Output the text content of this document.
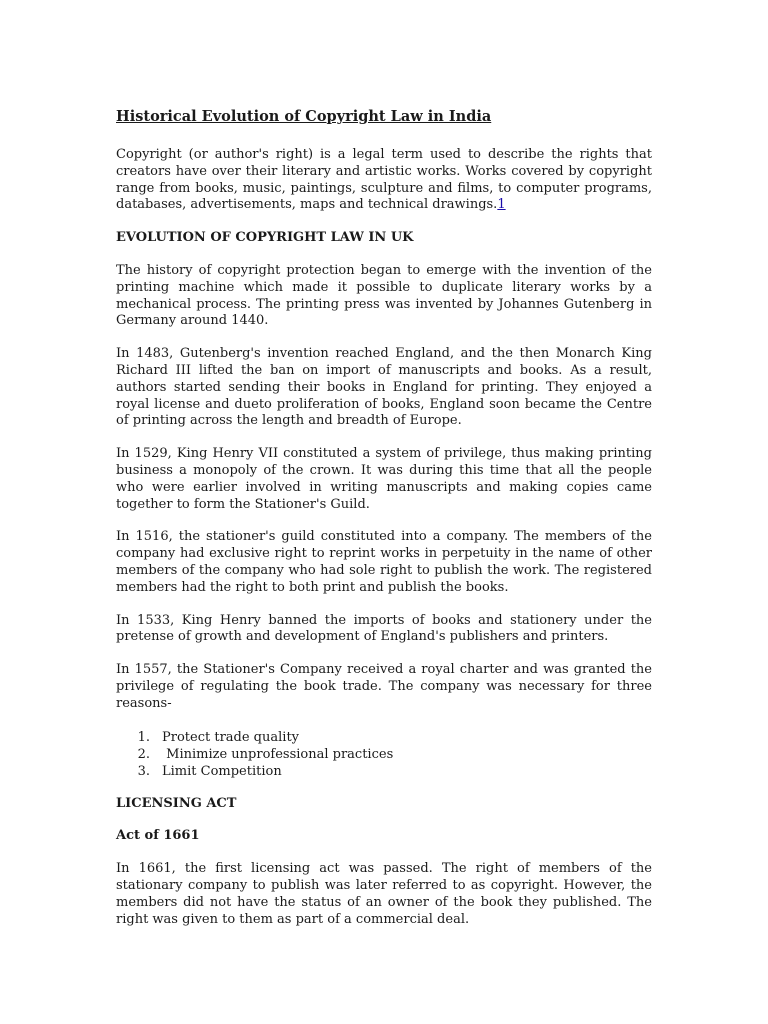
Historical Evolution of Copyright Law in India

Copyright (or author's right) is a legal term used to describe the rights that creators have over their literary and artistic works. Works covered by copyright range from books, music, paintings, sculpture and films, to computer programs, databases, advertisements, maps and technical drawings.1

EVOLUTION OF COPYRIGHT LAW IN UK

The history of copyright protection began to emerge with the invention of the printing machine which made it possible to duplicate literary works by a mechanical process. The printing press was invented by Johannes Gutenberg in Germany around 1440.

In 1483, Gutenberg's invention reached England, and the then Monarch King Richard III lifted the ban on import of manuscripts and books. As a result, authors started sending their books in England for printing. They enjoyed a royal license and dueto proliferation of books, England soon became the Centre of printing across the length and breadth of Europe.

In 1529, King Henry VII constituted a system of privilege, thus making printing business a monopoly of the crown. It was during this time that all the people who were earlier involved in writing manuscripts and making copies came together to form the Stationer's Guild.

In 1516, the stationer's guild constituted into a company. The members of the company had exclusive right to reprint works in perpetuity in the name of other members of the company who had sole right to publish the work. The registered members had the right to both print and publish the books.

In 1533, King Henry banned the imports of books and stationery under the pretense of growth and development of England's publishers and printers.

In 1557, the Stationer's Company received a royal charter and was granted the privilege of regulating the book trade. The company was necessary for three reasons-

1. Protect trade quality
2. Minimize unprofessional practices
3. Limit Competition
LICENSING ACT
Act of 1661

In 1661, the first licensing act was passed. The right of members of the stationary company to publish was later referred to as copyright. However, the members did not have the status of an owner of the book they published. The right was given to them as part of a commercial deal.
